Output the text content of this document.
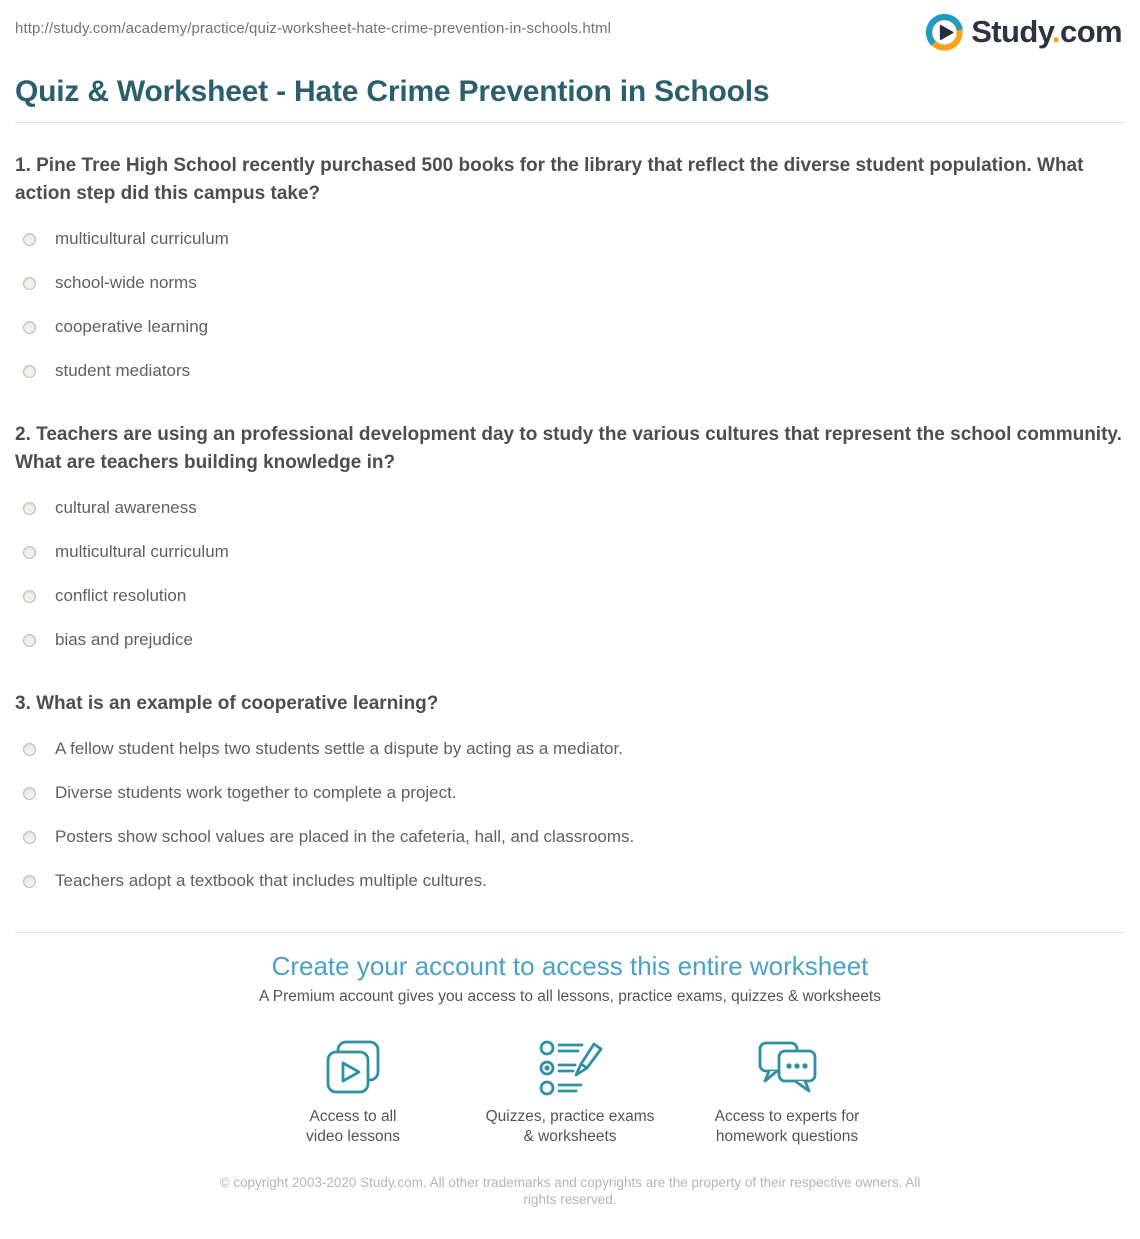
http://study.com/academy/practice/quiz-worksheet-hate-crime-prevention-in-schools.html	Study.com
Quiz & Worksheet - Hate Crime Prevention in Schools

1. Pine Tree High School recently purchased 500 books for the library that reflect the diverse student population. What action step did this campus take?

multicultural curriculum
school-wide norms
cooperative learning
student mediators

2. Teachers are using an professional development day to study the various cultures that represent the school community. What are teachers building knowledge in?

cultural awareness
multicultural curriculum
conflict resolution
bias and prejudice

3. What is an example of cooperative learning?

A fellow student helps two students settle a dispute by acting as a mediator.
Diverse students work together to complete a project.
Posters show school values are placed in the cafeteria, hall, and classrooms.
Teachers adopt a textbook that includes multiple cultures.
Create your account to access this entire worksheet

A Premium account gives you access to all lessons, practice exams, quizzes & worksheets

Access to all
video lessons
Quizzes, practice exams
& worksheets
Access to experts for
homework questions
© copyright 2003-2020 Study.com. All other trademarks and copyrights are the property of their respective owners. All rights reserved.
